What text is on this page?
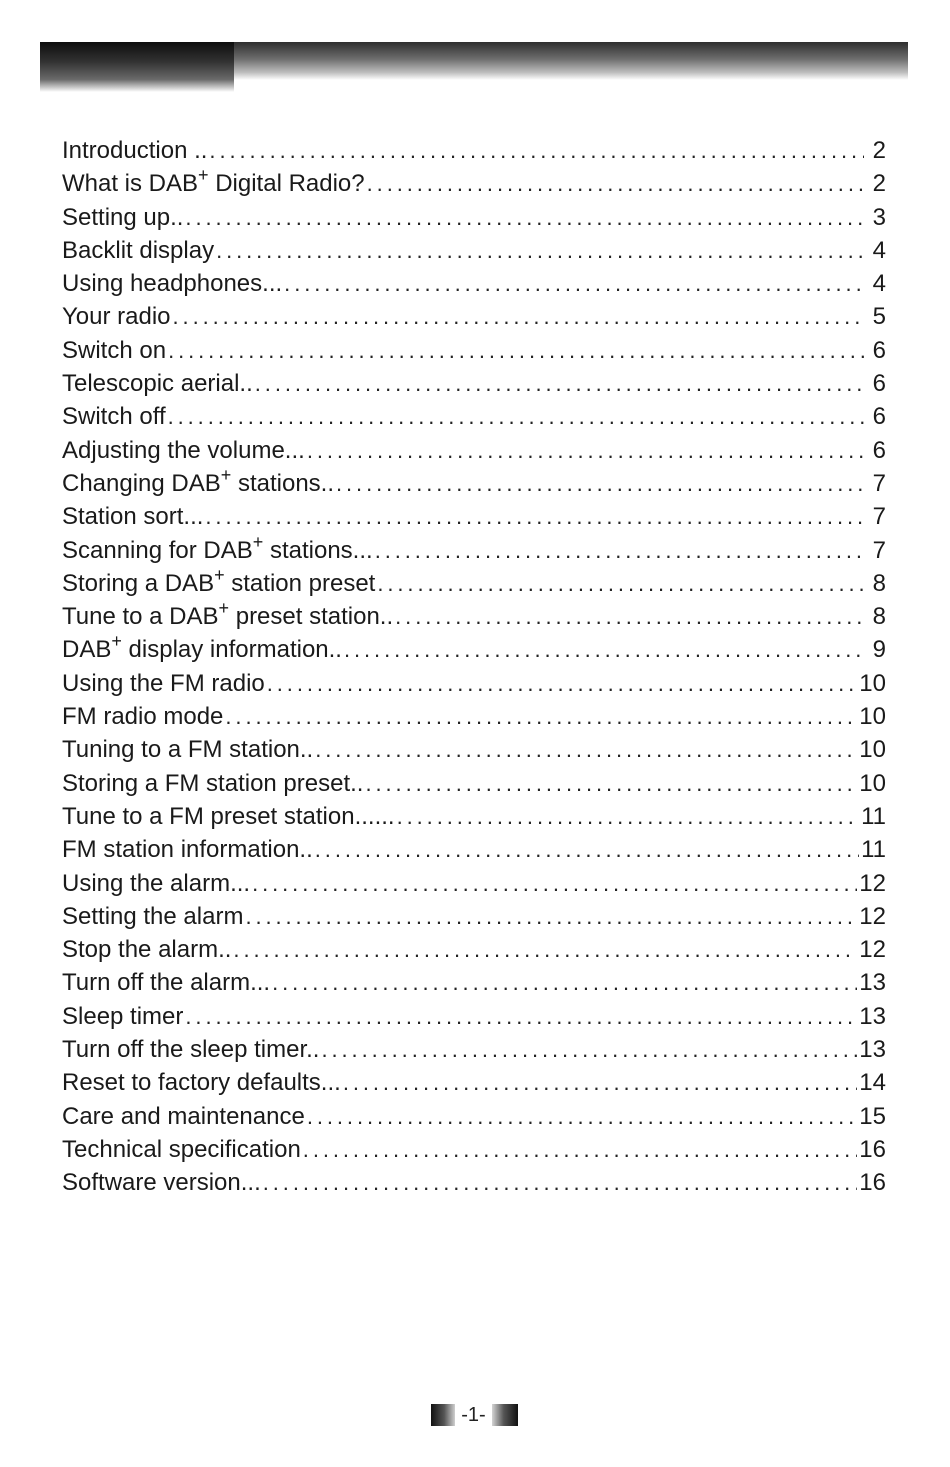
Introduction .. . . .	2
What is DAB+ Digital Radio? . . .	2
Setting up.. . . .	3
Backlit display . . .	4
Using headphones... . . .	4
Your radio . . .	5
Switch on . . .	6
Telescopic aerial.. . . .	6
Switch off . . .	6
Adjusting the volume... . . .	6
Changing DAB+ stations.. . . .	7
Station sort... . . .	7
Scanning for DAB+ stations... . . .	7
Storing a DAB+ station preset . . .	8
Tune to a DAB+ preset station.. . . .	8
DAB+ display information.. . . .	9
Using the FM radio . . .	10
FM radio mode . . .	10
Tuning to a FM station.. . . .	10
Storing a FM station preset.. . . .	10
Tune to a FM preset station...... . . .	11
FM station information.. . . .	11
Using the alarm... . . .	12
Setting the alarm . . .	12
Stop the alarm.. . . .	12
Turn off the alarm... . . .	13
Sleep timer . . .	13
Turn off the sleep timer.. . . .	13
Reset to factory defaults... . . .	14
Care and maintenance . . .	15
Technical specification . . .	16
Software version... . . .	16
-1-
